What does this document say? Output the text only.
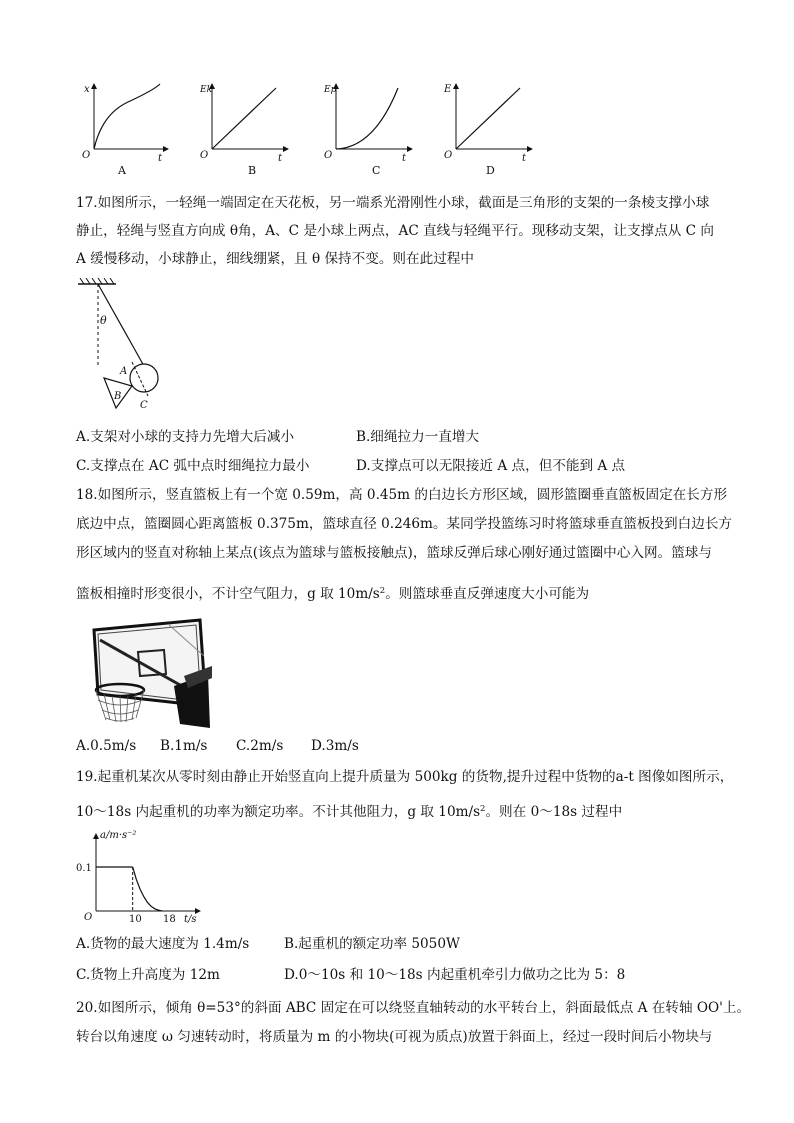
x
O	t
A
Ek
O	t
B
Ep
O	t
C
E
O	t
D
17.如图所示，一轻绳一端固定在天花板，另一端系光滑刚性小球，截面是三角形的支架的一条棱支撑小球
静止，轻绳与竖直方向成 θ角，A、C 是小球上两点，AC 直线与轻绳平行。现移动支架，让支撑点从 C 向
A 缓慢移动，小球静止，细线绷紧，且 θ 保持不变。则在此过程中
θ
A
B
C
A.支架对小球的支持力先增大后减小	B.细绳拉力一直增大
C.支撑点在 AC 弧中点时细绳拉力最小	D.支撑点可以无限接近 A 点，但不能到 A 点
18.如图所示，竖直篮板上有一个宽 0.59m，高 0.45m 的白边长方形区域，圆形篮圈垂直篮板固定在长方形
底边中点，篮圈圆心距离篮板 0.375m，篮球直径 0.246m。某同学投篮练习时将篮球垂直篮板投到白边长方
形区域内的竖直对称轴上某点(该点为篮球与篮板接触点)，篮球反弹后球心刚好通过篮圈中心入网。篮球与
篮板相撞时形变很小，不计空气阻力，g 取 $10m/s^2$。则篮球垂直反弹速度大小可能为
A.0.5m/s B.1m/s C.2m/s D.3m/s
19.起重机某次从零时刻由静止开始竖直向上提升质量为 500kg 的货物,提升过程中货物的a-t 图像如图所示，
10～18s 内起重机的功率为额定功率。不计其他阻力，g 取 $10m/s^2$。则在 0～18s 过程中
a/m·s⁻²
O	t/s
0.1
10 18
A.货物的最大速度为 1.4m/s	B.起重机的额定功率 5050W
C.货物上升高度为 12m	D.0～10s 和 10～18s 内起重机牵引力做功之比为 5：8
20.如图所示，倾角 θ=53°的斜面 ABC 固定在可以绕竖直轴转动的水平转台上，斜面最低点 A 在转轴 OO'上。
转台以角速度 ω 匀速转动时，将质量为 m 的小物块(可视为质点)放置于斜面上，经过一段时间后小物块与
